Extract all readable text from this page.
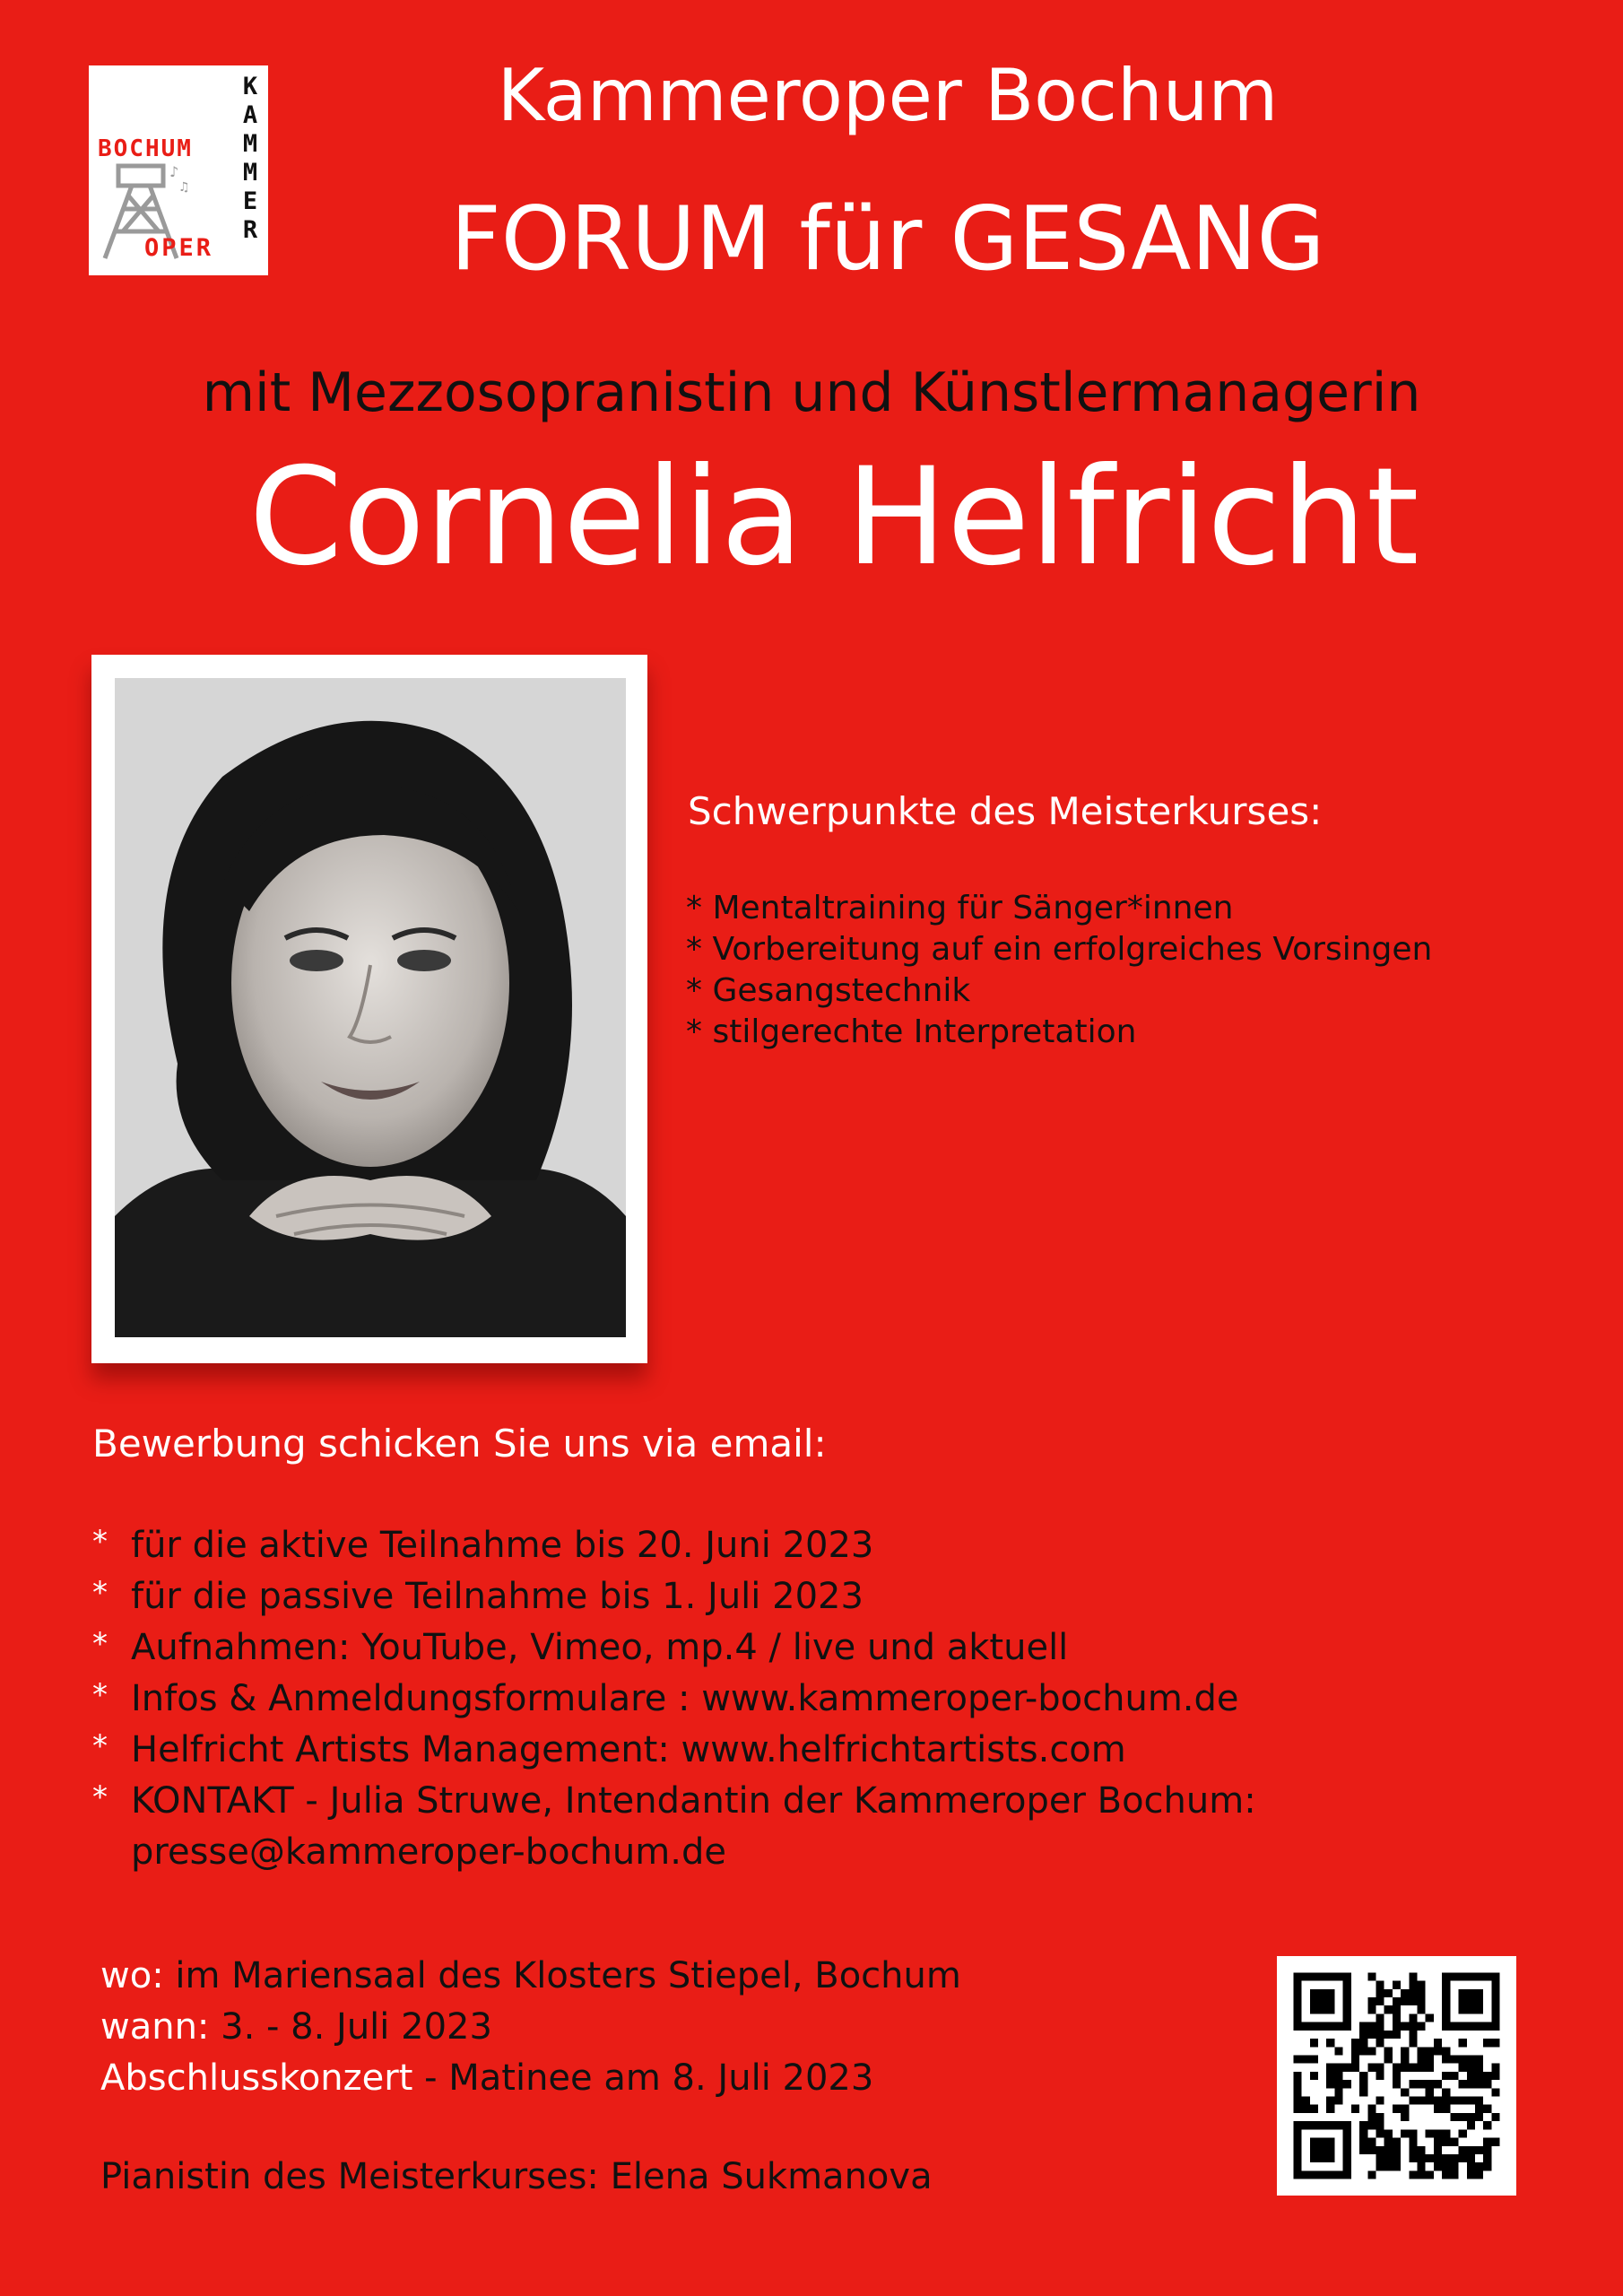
BOCHUM
K
A
M
M
E
R
♪
♫
OPER
Kammeroper Bochum
FORUM für GESANG
mit Mezzosopranistin und Künstlermanagerin
Cornelia Helfricht
Schwerpunkte des Meisterkurses:
* Mentaltraining für Sänger*innen
* Vorbereitung auf ein erfolgreiches Vorsingen
* Gesangstechnik
* stilgerechte Interpretation
Bewerbung schicken Sie uns via email:
* für die aktive Teilnahme bis 20. Juni 2023
* für die passive Teilnahme bis 1. Juli 2023
* Aufnahmen: YouTube, Vimeo, mp.4 / live und aktuell
* Infos & Anmeldungsformulare : www.kammeroper-bochum.de
* Helfricht Artists Management: www.helfrichtartists.com
* KONTAKT - Julia Struwe, Intendantin der Kammeroper Bochum:
presse@kammeroper-bochum.de
wo: im Mariensaal des Klosters Stiepel, Bochum
wann: 3. - 8. Juli 2023
Abschlusskonzert - Matinee am 8. Juli 2023
Pianistin des Meisterkurses: Elena Sukmanova
